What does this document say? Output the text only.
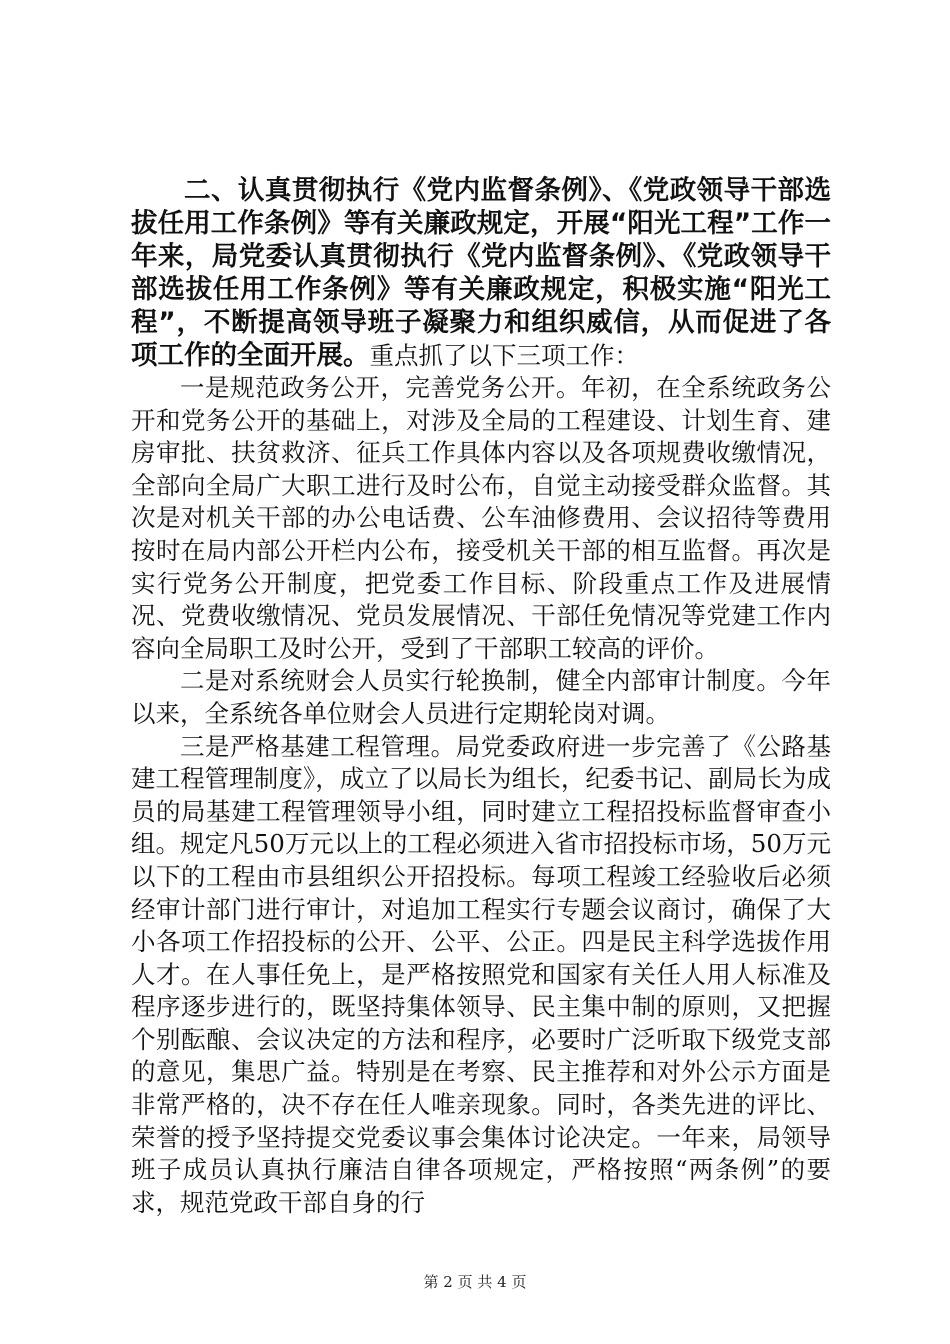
二、认真贯彻执行《党内监督条例》、《党政领导干部选拔任用工作条例》等有关廉政规定，开展“阳光工程”工作一年来，局党委认真贯彻执行《党内监督条例》、《党政领导干部选拔任用工作条例》等有关廉政规定，积极实施“阳光工程”，不断提高领导班子凝聚力和组织威信，从而促进了各项工作的全面开展。重点抓了以下三项工作：

一是规范政务公开，完善党务公开。年初，在全系统政务公开和党务公开的基础上，对涉及全局的工程建设、计划生育、建房审批、扶贫救济、征兵工作具体内容以及各项规费收缴情况，全部向全局广大职工进行及时公布，自觉主动接受群众监督。其次是对机关干部的办公电话费、公车油修费用、会议招待等费用按时在局内部公开栏内公布，接受机关干部的相互监督。再次是实行党务公开制度，把党委工作目标、阶段重点工作及进展情况、党费收缴情况、党员发展情况、干部任免情况等党建工作内容向全局职工及时公开，受到了干部职工较高的评价。

二是对系统财会人员实行轮换制，健全内部审计制度。今年以来，全系统各单位财会人员进行定期轮岗对调。

三是严格基建工程管理。局党委政府进一步完善了《公路基建工程管理制度》，成立了以局长为组长，纪委书记、副局长为成员的局基建工程管理领导小组，同时建立工程招投标监督审查小组。规定凡50万元以上的工程必须进入省市招投标市场，50万元以下的工程由市县组织公开招投标。每项工程竣工经验收后必须经审计部门进行审计，对追加工程实行专题会议商讨，确保了大小各项工作招投标的公开、公平、公正。四是民主科学选拔作用人才。在人事任免上，是严格按照党和国家有关任人用人标准及程序逐步进行的，既坚持集体领导、民主集中制的原则，又把握个别酝酿、会议决定的方法和程序，必要时广泛听取下级党支部的意见，集思广益。特别是在考察、民主推荐和对外公示方面是非常严格的，决不存在任人唯亲现象。同时，各类先进的评比、荣誉的授予坚持提交党委议事会集体讨论决定。一年来，局领导班子成员认真执行廉洁自律各项规定，严格按照“两条例”的要求，规范党政干部自身的行

第 2 页 共 4 页
